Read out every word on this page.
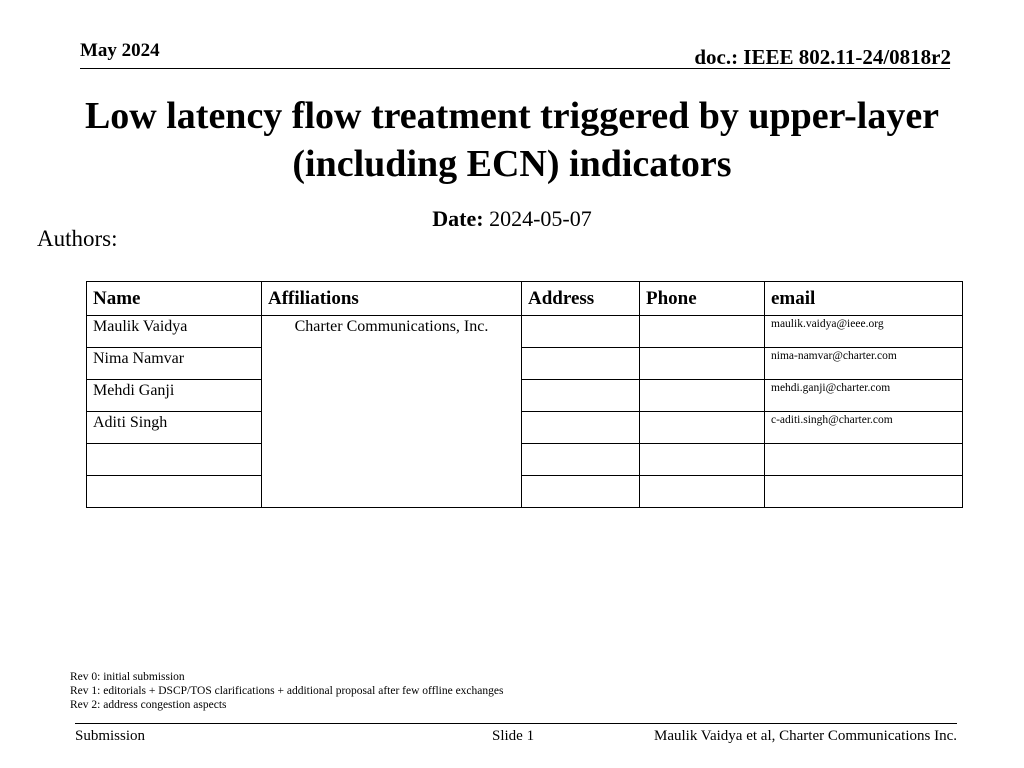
May 2024	doc.: IEEE 802.11-24/0818r2
Low latency flow treatment triggered by upper-layer (including ECN) indicators
Date: 2024-05-07
Authors:
Name	Affiliations	Address	Phone	email
Maulik Vaidya	Charter Communications, Inc.			maulik.vaidya@ieee.org
Nima Namvar				nima-namvar@charter.com
Mehdi Ganji				mehdi.ganji@charter.com
Aditi Singh				c-aditi.singh@charter.com

Rev 0: initial submission
Rev 1: editorials + DSCP/TOS clarifications + additional proposal after few offline exchanges
Rev 2: address congestion aspects
Submission	Slide 1	Maulik Vaidya et al, Charter Communications Inc.
